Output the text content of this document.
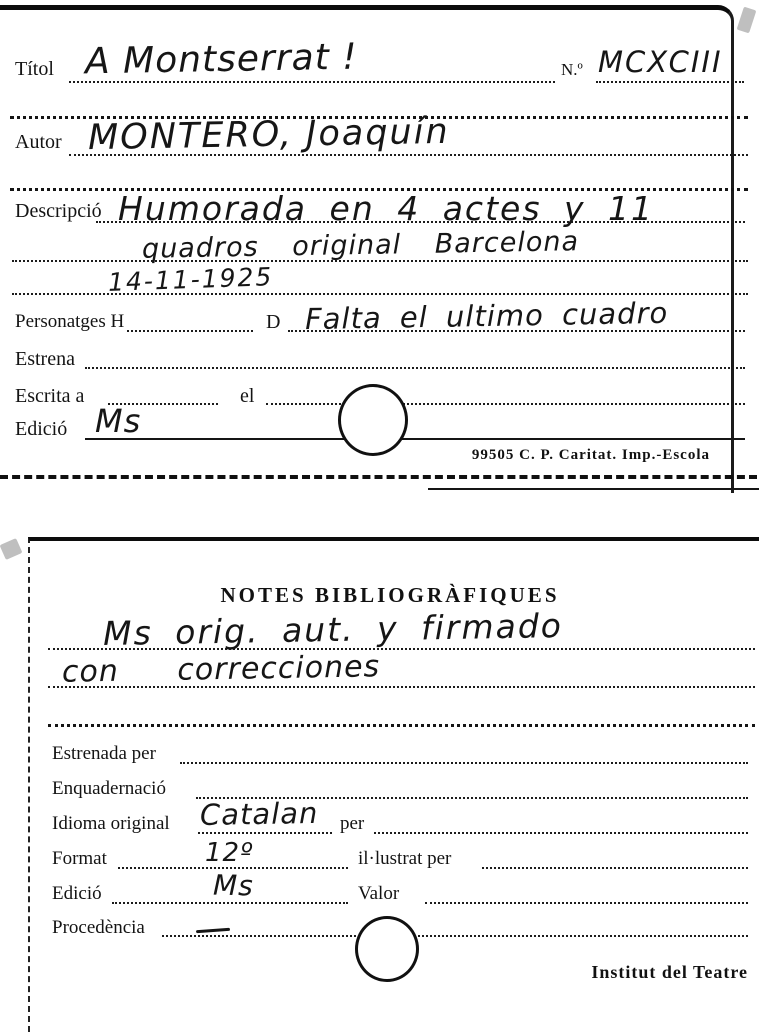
Títol A Montserrat !	N.º MCXCIII
Autor MONTERO, Joaquín
Descripció Humorada en 4 actes y 11
quadros original Barcelona
14-11-1925
Personatges H	D Falta el ultimo cuadro
Estrena
Escrita a	el
Edició Ms
99505 C. P. Caritat. Imp.-Escola
NOTES BIBLIOGRÀFIQUES
Ms orig. aut. y firmado
con correcciones
Estrenada per
Enquadernació
Idioma original Catalan per
Format	12º	il·lustrat per
Edició	Ms	Valor
Procedència
Institut del Teatre
